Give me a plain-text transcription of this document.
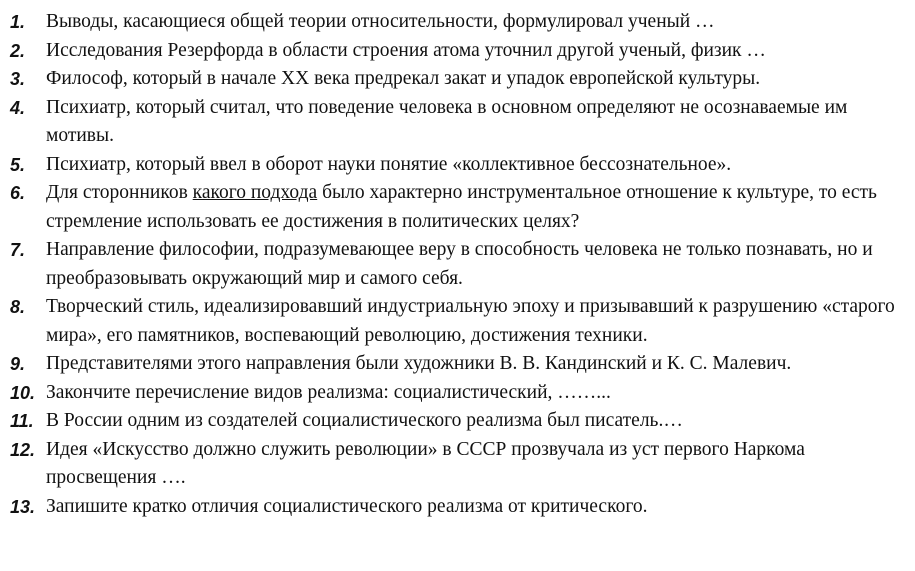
1.	Выводы, касающиеся общей теории относительности, формулировал ученый …
2.	Исследования Резерфорда в области строения атома уточнил другой ученый, физик …
3.	Философ, который в начале XX века предрекал закат и упадок европейской культуры.
4.	Психиатр, который считал, что поведение человека в основном определяют не осознаваемые им мотивы.
5.	Психиатр, который ввел в оборот науки понятие «коллективное бессознательное».
6.	Для сторонников какого подхода было характерно инструментальное отношение к культуре, то есть стремление использовать ее достижения в политических целях?
7.	Направление философии, подразумевающее веру в способность человека не только познавать, но и преобразовывать окружающий мир и самого себя.
8.	Творческий стиль, идеализировавший индустриальную эпоху и призывавший к разрушению «старого мира», его памятников, воспевающий революцию, достижения техники.
9.	Представителями этого направления были художники В. В. Кандинский и К. С. Малевич.
10. Закончите перечисление видов реализма: социалистический, ……...
11. В России одним из создателей социалистического реализма был писатель.…
12. Идея «Искусство должно служить революции» в СССР прозвучала из уст первого Наркома просвещения ….
13. Запишите кратко отличия социалистического реализма от критического.
